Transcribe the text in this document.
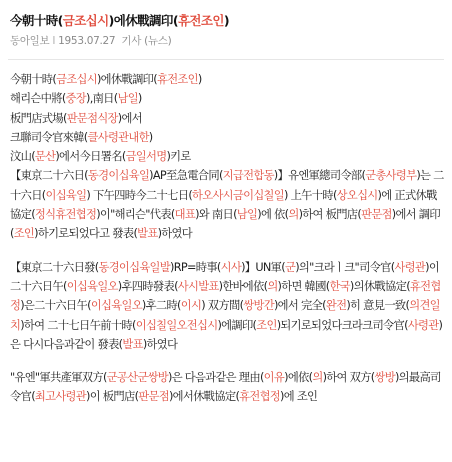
今朝十時(금조십시)에休戰調印(휴전조인)
동아일보 I 1953.07.27 기사 (뉴스)

今朝十時(금조십시)에休戰調印(휴전조인)

해리슨中將(중장),南日(남일)

板門店式場(판문점식장)에서

크聯司令官來韓(클사령관내한)

汶山(문산)에서今日署名(금일서명)키로

【東京二十六日(동경이십육일)AP至急電合同(지급전합동)】유엔軍總司令部(군총사령부)는 二十六日(이십육일) 下午四時今二十七日(하오사시금이십칠일) 上午十時(상오십시)에 正式休戰協定(정식휴전협정)이"해리슨"代表(대표)와 南日(남일)에 依(의)하여 板門店(판문점)에서 調印(조인)하기로되었다고 發表(발표)하였다

【東京二十六日發(동경이십육일발)RP=時事(시사)】UN軍(군)의"크라ㅣ크"司令官(사령관)이 二十六日午(이십육일오)후四時發表(사시발표)한바에依(의)하면 韓國(한국)의休戰協定(휴전협정)은二十六日午(이십육일오)후二時(이시) 双方間(쌍방간)에서 完全(완전)히 意見一致(의견일치)하여 二十七日午前十時(이십칠일오전십시)에調印(조인)되기로되었다크라크司令官(사령관)은 다시다음과같이 發表(발표)하였다

"유엔"軍共產軍双方(군공산군쌍방)은 다음과같은 理由(이유)에依(의)하여 双方(쌍방)의最高司令官(최고사령관)이 板門店(판문점)에서休戰協定(휴전협정)에 조인
